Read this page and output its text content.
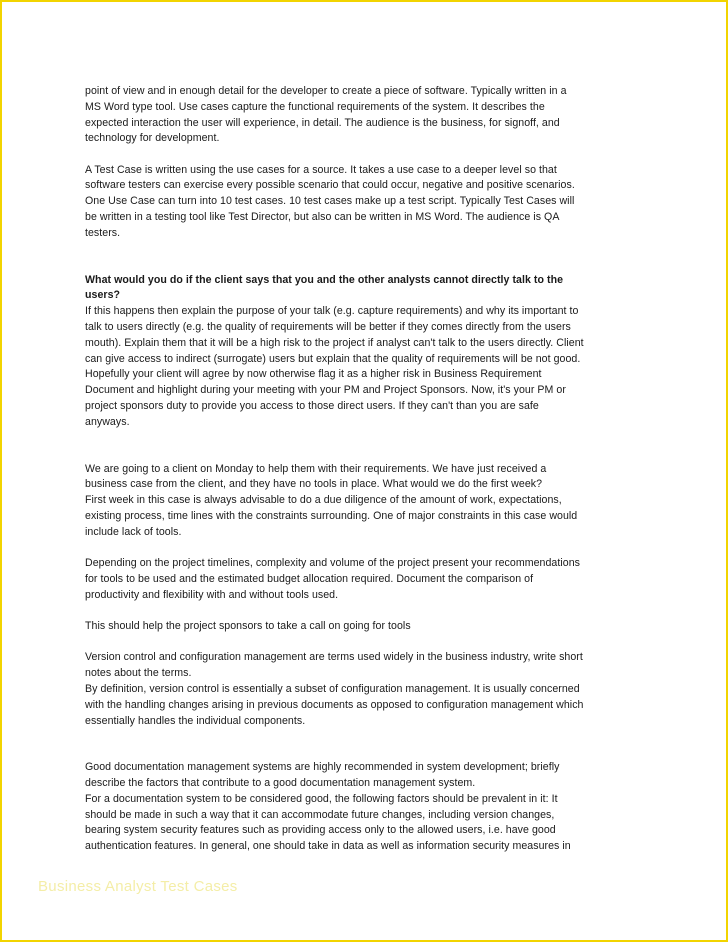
point of view and in enough detail for the developer to create a piece of software. Typically written in a
MS Word type tool. Use cases capture the functional requirements of the system. It describes the
expected interaction the user will experience, in detail. The audience is the business, for signoff, and
technology for development.

A Test Case is written using the use cases for a source. It takes a use case to a deeper level so that
software testers can exercise every possible scenario that could occur, negative and positive scenarios.
One Use Case can turn into 10 test cases. 10 test cases make up a test script. Typically Test Cases will
be written in a testing tool like Test Director, but also can be written in MS Word. The audience is QA
testers.

What would you do if the client says that you and the other analysts cannot directly talk to the
users?

If this happens then explain the purpose of your talk (e.g. capture requirements) and why its important to
talk to users directly (e.g. the quality of requirements will be better if they comes directly from the users
mouth). Explain them that it will be a high risk to the project if analyst can't talk to the users directly. Client
can give access to indirect (surrogate) users but explain that the quality of requirements will be not good.
Hopefully your client will agree by now otherwise flag it as a higher risk in Business Requirement
Document and highlight during your meeting with your PM and Project Sponsors. Now, it's your PM or
project sponsors duty to provide you access to those direct users. If they can't than you are safe
anyways.

We are going to a client on Monday to help them with their requirements. We have just received a
business case from the client, and they have no tools in place. What would we do the first week?
First week in this case is always advisable to do a due diligence of the amount of work, expectations,
existing process, time lines with the constraints surrounding. One of major constraints in this case would
include lack of tools.

Depending on the project timelines, complexity and volume of the project present your recommendations
for tools to be used and the estimated budget allocation required. Document the comparison of
productivity and flexibility with and without tools used.

This should help the project sponsors to take a call on going for tools

Version control and configuration management are terms used widely in the business industry, write short
notes about the terms.
By definition, version control is essentially a subset of configuration management. It is usually concerned
with the handling changes arising in previous documents as opposed to configuration management which
essentially handles the individual components.

Good documentation management systems are highly recommended in system development; briefly
describe the factors that contribute to a good documentation management system.
For a documentation system to be considered good, the following factors should be prevalent in it: It
should be made in such a way that it can accommodate future changes, including version changes,
bearing system security features such as providing access only to the allowed users, i.e. have good
authentication features. In general, one should take in data as well as information security measures in

Business Analyst Test Cases
